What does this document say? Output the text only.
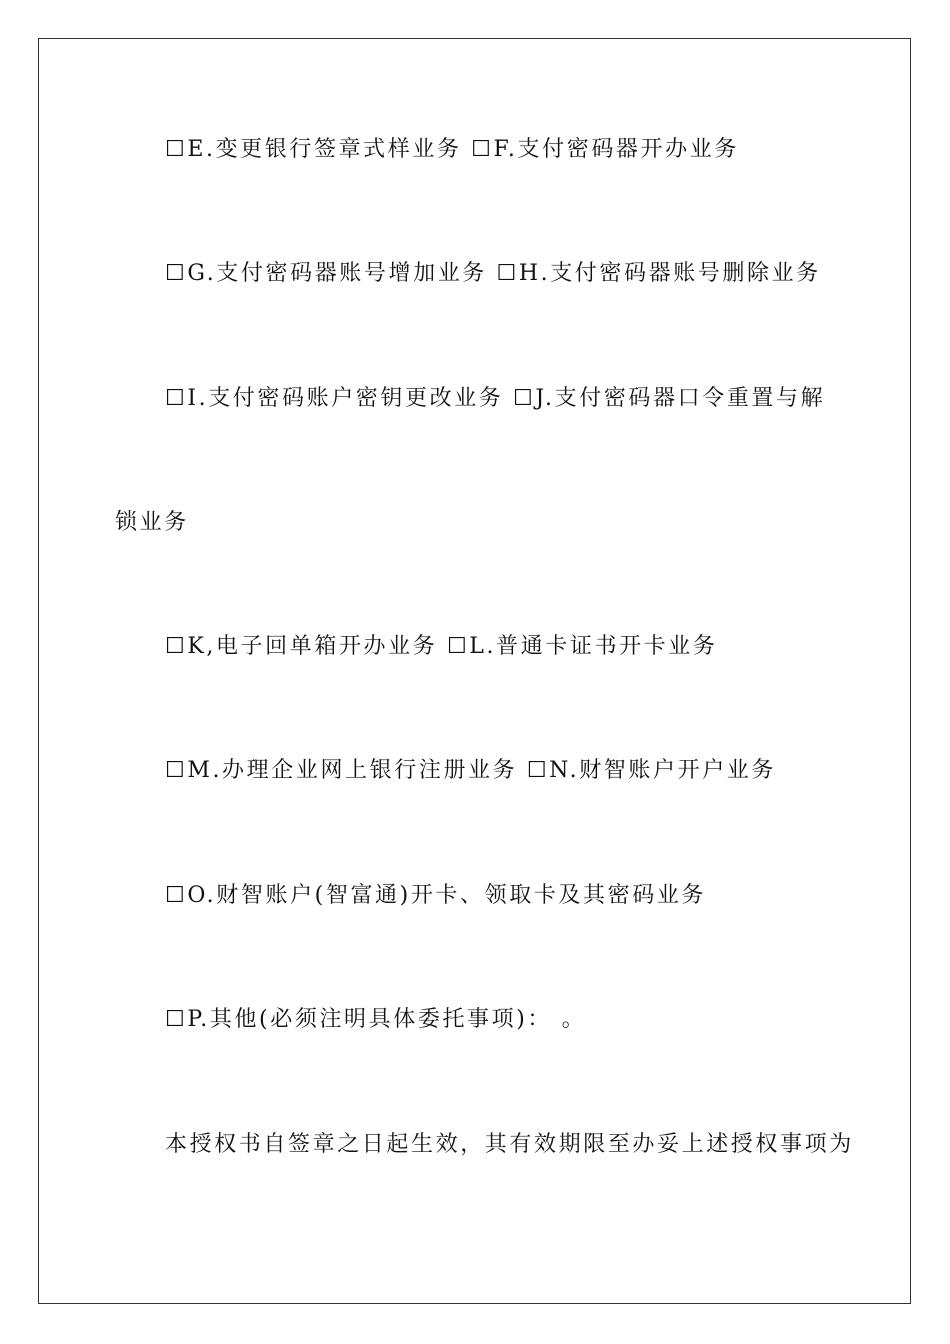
☐E.变更银行签章式样业务 ☐F.支付密码器开办业务
☐G.支付密码器账号增加业务 ☐H.支付密码器账号删除业务
☐I.支付密码账户密钥更改业务 ☐J.支付密码器口令重置与解
锁业务
☐K,电子回单箱开办业务 ☐L.普通卡证书开卡业务
☐M.办理企业网上银行注册业务 ☐N.财智账户开户业务
☐O.财智账户(智富通)开卡、领取卡及其密码业务
☐P.其他(必须注明具体委托事项)： 。
本授权书自签章之日起生效，其有效期限至办妥上述授权事项为
